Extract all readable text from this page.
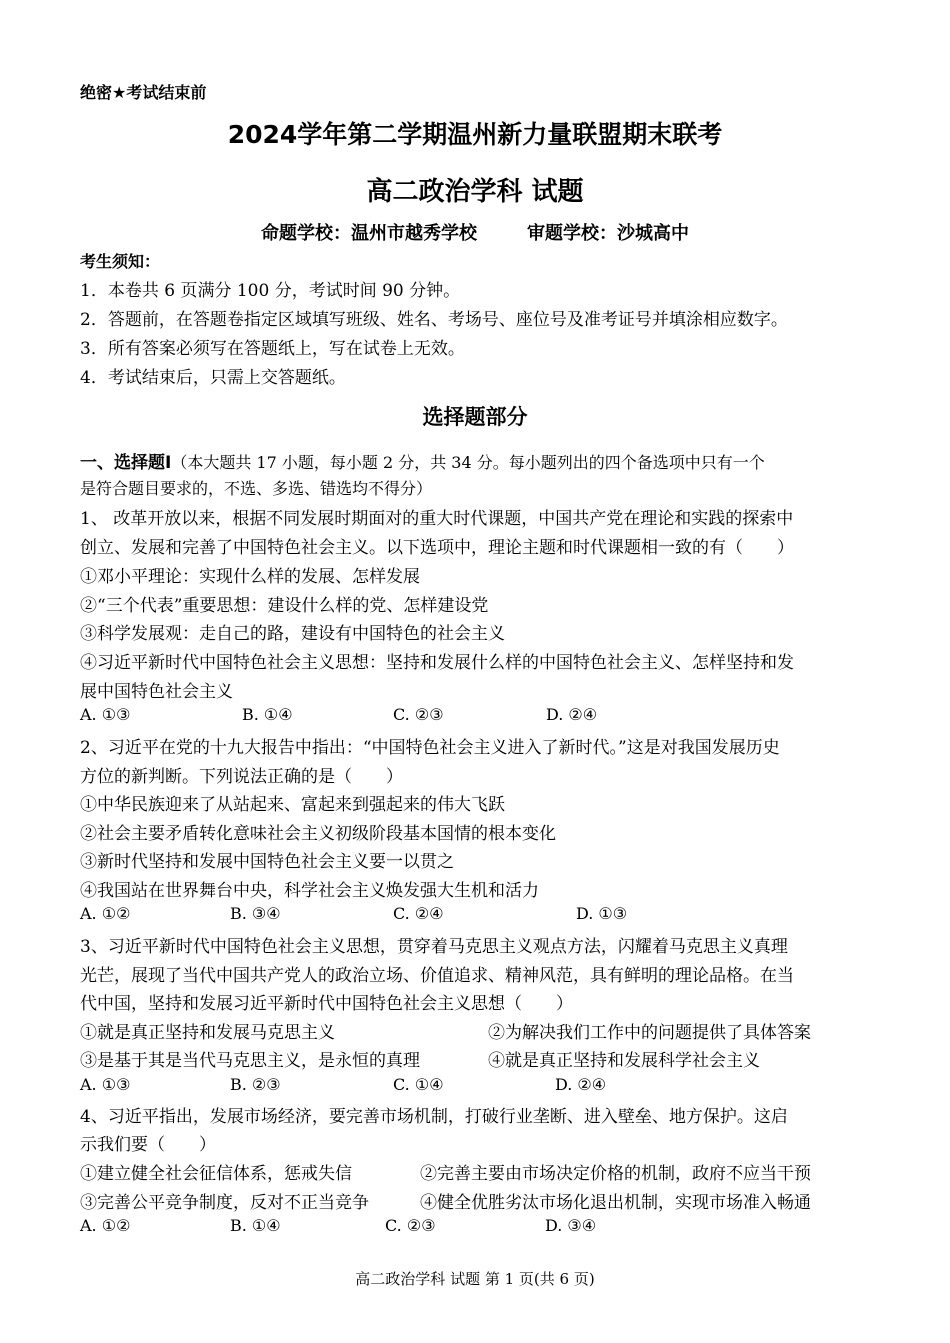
绝密★考试结束前
2024学年第二学期温州新力量联盟期末联考
高二政治学科 试题
命题学校：温州市越秀学校	审题学校：沙城高中
考生须知：
1．本卷共 6 页满分 100 分，考试时间 90 分钟。
2．答题前，在答题卷指定区域填写班级、姓名、考场号、座位号及准考证号并填涂相应数字。
3．所有答案必须写在答题纸上，写在试卷上无效。
4．考试结束后，只需上交答题纸。
选择题部分
一、选择题Ⅰ（本大题共 17 小题，每小题 2 分，共 34 分。每小题列出的四个备选项中只有一个
是符合题目要求的，不选、多选、错选均不得分）
1、 改革开放以来，根据不同发展时期面对的重大时代课题，中国共产党在理论和实践的探索中
创立、发展和完善了中国特色社会主义。以下选项中，理论主题和时代课题相一致的有（　　）
①邓小平理论：实现什么样的发展、怎样发展
②“三个代表”重要思想：建设什么样的党、怎样建设党
③科学发展观：走自己的路，建设有中国特色的社会主义
④习近平新时代中国特色社会主义思想：坚持和发展什么样的中国特色社会主义、怎样坚持和发
展中国特色社会主义
A. ①③	B. ①④	C. ②③	D. ②④
2、习近平在党的十九大报告中指出：“中国特色社会主义进入了新时代。”这是对我国发展历史
方位的新判断。下列说法正确的是（　　）
①中华民族迎来了从站起来、富起来到强起来的伟大飞跃
②社会主要矛盾转化意味社会主义初级阶段基本国情的根本变化
③新时代坚持和发展中国特色社会主义要一以贯之
④我国站在世界舞台中央，科学社会主义焕发强大生机和活力
A. ①②	B. ③④	C. ②④	D. ①③
3、习近平新时代中国特色社会主义思想，贯穿着马克思主义观点方法，闪耀着马克思主义真理
光芒，展现了当代中国共产党人的政治立场、价值追求、精神风范，具有鲜明的理论品格。在当
代中国，坚持和发展习近平新时代中国特色社会主义思想（　　）
①就是真正坚持和发展马克思主义	②为解决我们工作中的问题提供了具体答案
③是基于其是当代马克思主义，是永恒的真理	④就是真正坚持和发展科学社会主义
A. ①③	B. ②③	C. ①④	D. ②④
4、习近平指出，发展市场经济，要完善市场机制，打破行业垄断、进入壁垒、地方保护。这启
示我们要（　　）
①建立健全社会征信体系，惩戒失信	②完善主要由市场决定价格的机制，政府不应当干预
③完善公平竞争制度，反对不正当竞争	④健全优胜劣汰市场化退出机制，实现市场准入畅通
A. ①②	B. ①④	C. ②③	D. ③④
高二政治学科 试题 第 1 页(共 6 页)
